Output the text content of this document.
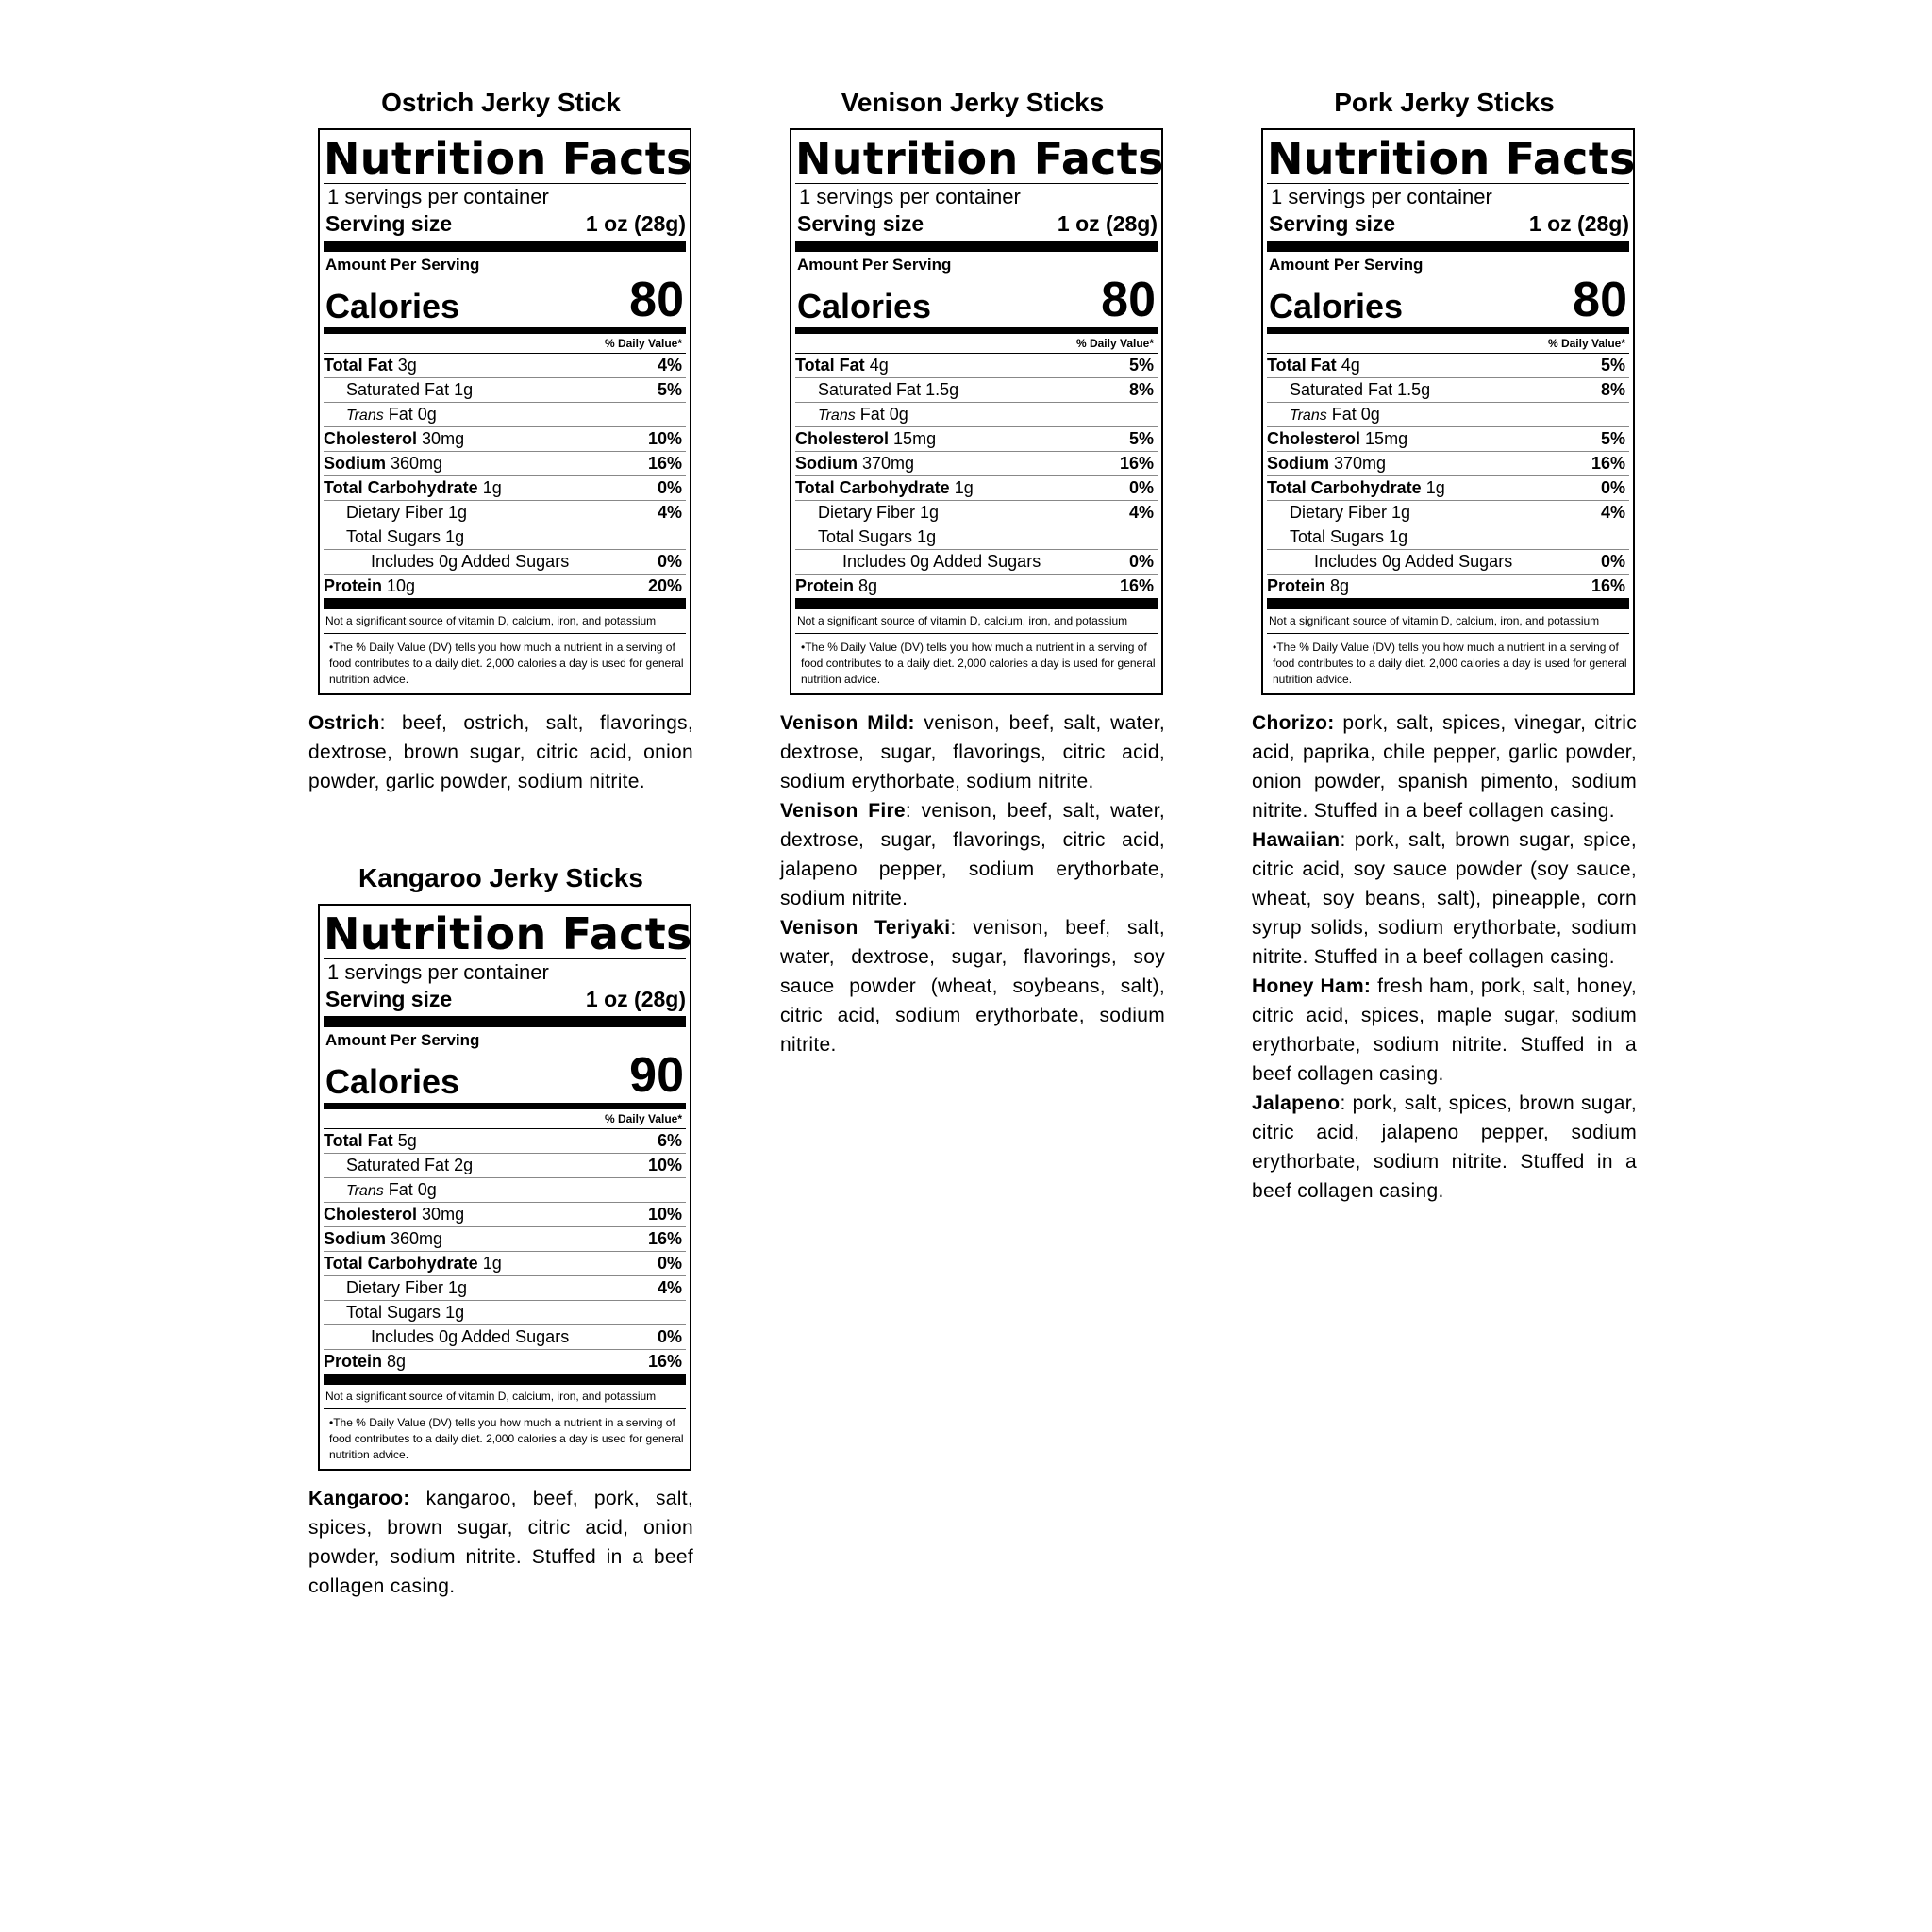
Ostrich Jerky Stick
Nutrition Facts
1 servings per container
Serving size	1 oz (28g)
Amount Per Serving
Calories	80
% Daily Value*
Total Fat 3g	4%
Saturated Fat 1g	5%
Trans Fat 0g
Cholesterol 30mg	10%
Sodium 360mg	16%
Total Carbohydrate 1g	0%
Dietary Fiber 1g	4%
Total Sugars 1g
Includes 0g Added Sugars	0%
Protein 10g	20%
Not a significant source of vitamin D, calcium, iron, and potassium
•The % Daily Value (DV) tells you how much a nutrient in a serving of food contributes to a daily diet. 2,000 calories a day is used for general nutrition advice.

Ostrich: beef, ostrich, salt, flavorings, dextrose, brown sugar, citric acid, onion powder, garlic powder, sodium nitrite.

Kangaroo Jerky Sticks
Nutrition Facts
1 servings per container
Serving size	1 oz (28g)
Amount Per Serving
Calories	90
% Daily Value*
Total Fat 5g	6%
Saturated Fat 2g	10%
Trans Fat 0g
Cholesterol 30mg	10%
Sodium 360mg	16%
Total Carbohydrate 1g	0%
Dietary Fiber 1g	4%
Total Sugars 1g
Includes 0g Added Sugars	0%
Protein 8g	16%
Not a significant source of vitamin D, calcium, iron, and potassium
•The % Daily Value (DV) tells you how much a nutrient in a serving of food contributes to a daily diet. 2,000 calories a day is used for general nutrition advice.

Kangaroo: kangaroo, beef, pork, salt, spices, brown sugar, citric acid, onion powder, sodium nitrite. Stuffed in a beef collagen casing.

Venison Jerky Sticks
Nutrition Facts
1 servings per container
Serving size	1 oz (28g)
Amount Per Serving
Calories	80
% Daily Value*
Total Fat 4g	5%
Saturated Fat 1.5g	8%
Trans Fat 0g
Cholesterol 15mg	5%
Sodium 370mg	16%
Total Carbohydrate 1g	0%
Dietary Fiber 1g	4%
Total Sugars 1g
Includes 0g Added Sugars	0%
Protein 8g	16%
Not a significant source of vitamin D, calcium, iron, and potassium
•The % Daily Value (DV) tells you how much a nutrient in a serving of food contributes to a daily diet. 2,000 calories a day is used for general nutrition advice.

Venison Mild: venison, beef, salt, water, dextrose, sugar, flavorings, citric acid, sodium erythorbate, sodium nitrite.

Venison Fire: venison, beef, salt, water, dextrose, sugar, flavorings, citric acid, jalapeno pepper, sodium erythorbate, sodium nitrite.

Venison Teriyaki: venison, beef, salt, water, dextrose, sugar, flavorings, soy sauce powder (wheat, soybeans, salt), citric acid, sodium erythorbate, sodium nitrite.

Pork Jerky Sticks
Nutrition Facts
1 servings per container
Serving size	1 oz (28g)
Amount Per Serving
Calories	80
% Daily Value*
Total Fat 4g	5%
Saturated Fat 1.5g	8%
Trans Fat 0g
Cholesterol 15mg	5%
Sodium 370mg	16%
Total Carbohydrate 1g	0%
Dietary Fiber 1g	4%
Total Sugars 1g
Includes 0g Added Sugars	0%
Protein 8g	16%
Not a significant source of vitamin D, calcium, iron, and potassium
•The % Daily Value (DV) tells you how much a nutrient in a serving of food contributes to a daily diet. 2,000 calories a day is used for general nutrition advice.

Chorizo: pork, salt, spices, vinegar, citric acid, paprika, chile pepper, garlic powder, onion powder, spanish pimento, sodium nitrite. Stuffed in a beef collagen casing.

Hawaiian: pork, salt, brown sugar, spice, citric acid, soy sauce powder (soy sauce, wheat, soy beans, salt), pineapple, corn syrup solids, sodium erythorbate, sodium nitrite. Stuffed in a beef collagen casing.

Honey Ham: fresh ham, pork, salt, honey, citric acid, spices, maple sugar, sodium erythorbate, sodium nitrite. Stuffed in a beef collagen casing.

Jalapeno: pork, salt, spices, brown sugar, citric acid, jalapeno pepper, sodium erythorbate, sodium nitrite. Stuffed in a beef collagen casing.
